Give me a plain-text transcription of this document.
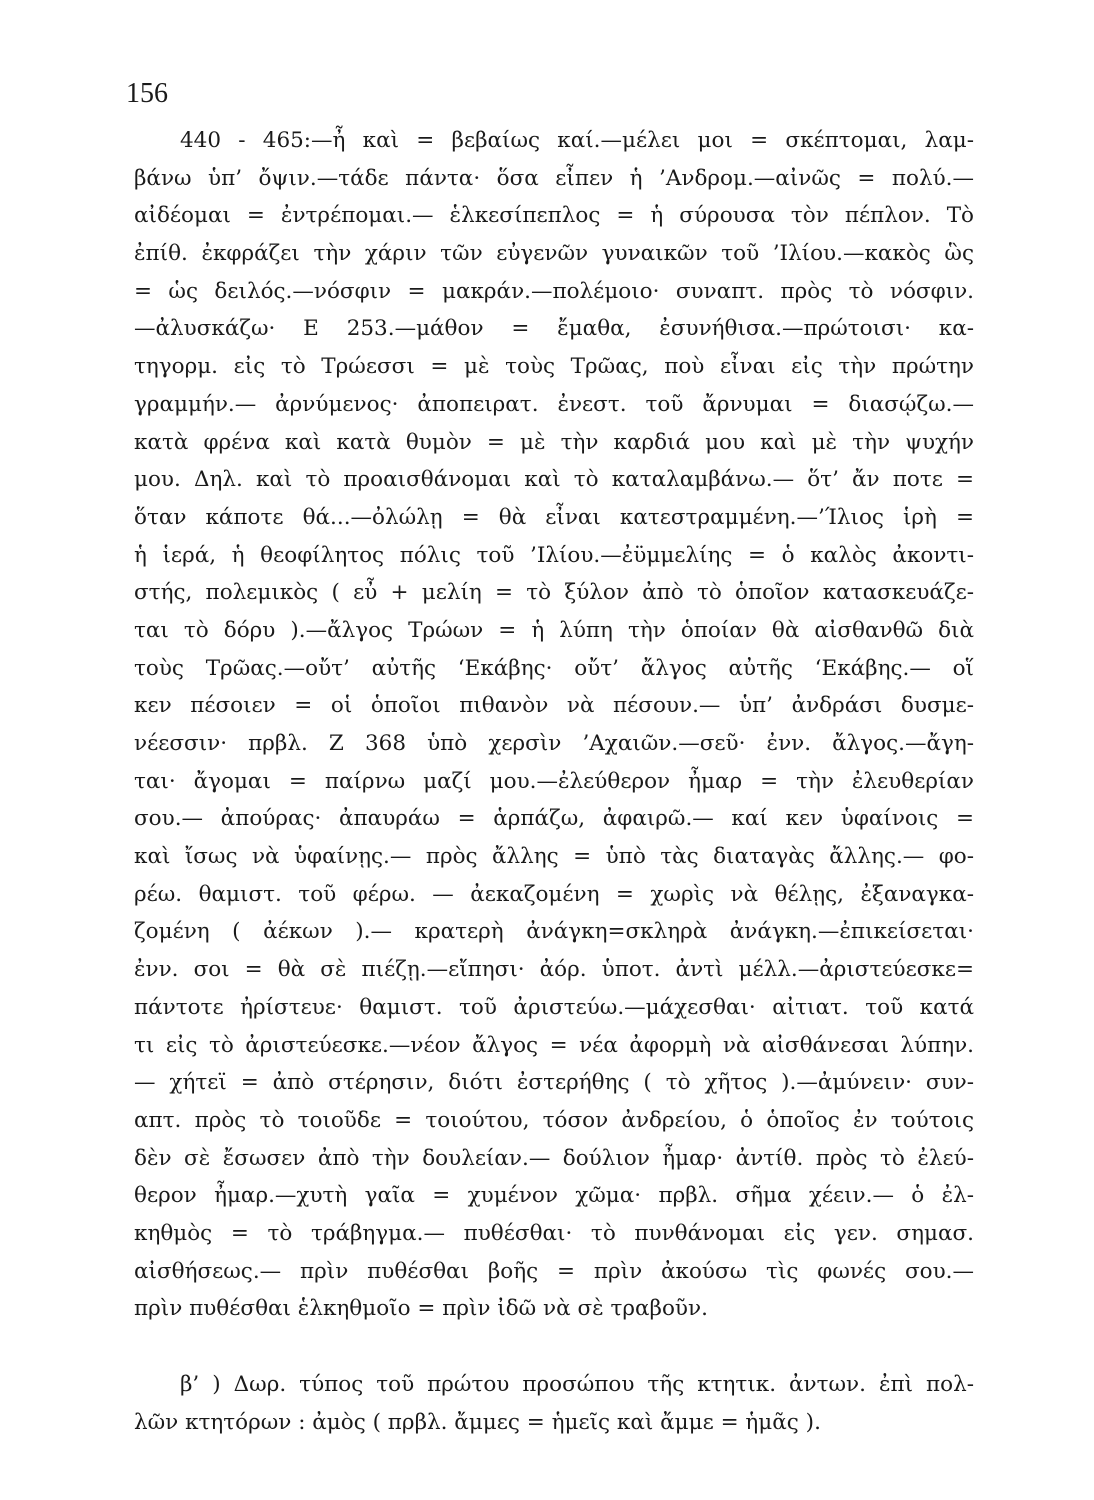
156
440 - 465:—ἦ καὶ = βεβαίως καί.—μέλει μοι = σκέπτομαι, λαμ-
βάνω ὑπ’ ὄψιν.—τάδε πάντα· ὅσα εἶπεν ἡ ’Ανδρομ.—αἰνῶς = πολύ.—
αἰδέομαι = ἐντρέπομαι.— ἑλκεσίπεπλος = ἡ σύρουσα τὸν πέπλον. Τὸ
ἐπίθ. ἐκφράζει τὴν χάριν τῶν εὐγενῶν γυναικῶν τοῦ ’Ιλίου.—κακὸς ὣς
= ὡς δειλός.—νόσφιν = μακράν.—πολέμοιο· συναπτ. πρὸς τὸ νόσφιν.
—ἀλυσκάζω· Ε 253.—μάθον = ἔμαθα, ἐσυνήθισα.—πρώτοισι· κα-
τηγορμ. εἰς τὸ Τρώεσσι = μὲ τοὺς Τρῶας, ποὺ εἶναι εἰς τὴν πρώτην
γραμμήν.— ἀρνύμενος· ἀποπειρατ. ἐνεστ. τοῦ ἄρνυμαι = διασῴζω.—
κατὰ φρένα καὶ κατὰ θυμὸν = μὲ τὴν καρδιά μου καὶ μὲ τὴν ψυχήν
μου. Δηλ. καὶ τὸ προαισθάνομαι καὶ τὸ καταλαμβάνω.— ὅτ’ ἄν ποτε =
ὅταν κάποτε θά...—ὀλώλῃ = θὰ εἶναι κατεστραμμένη.—’Ίλιος ἱρὴ =
ἡ ἱερά, ἡ θεοφίλητος πόλις τοῦ ’Ιλίου.—ἐϋμμελίης = ὁ καλὸς ἀκοντι-
στής, πολεμικὸς ( εὖ + μελίη = τὸ ξύλον ἀπὸ τὸ ὁποῖον κατασκευάζε-
ται τὸ δόρυ ).—ἄλγος Τρώων = ἡ λύπη τὴν ὁποίαν θὰ αἰσθανθῶ διὰ
τοὺς Τρῶας.—οὔτ’ αὐτῆς ‘Εκάβης· οὔτ’ ἄλγος αὐτῆς ‘Εκάβης.— οἵ
κεν πέσοιεν = οἱ ὁποῖοι πιθανὸν νὰ πέσουν.— ὑπ’ ἀνδράσι δυσμε-
νέεσσιν· πρβλ. Ζ 368 ὑπὸ χερσὶν ’Αχαιῶν.—σεῦ· ἐνν. ἄλγος.—ἄγη-
ται· ἄγομαι = παίρνω μαζί μου.—ἐλεύθερον ἦμαρ = τὴν ἐλευθερίαν
σου.— ἀπούρας· ἀπαυράω = ἁρπάζω, ἀφαιρῶ.— καί κεν ὑφαίνοις =
καὶ ἴσως νὰ ὑφαίνῃς.— πρὸς ἄλλης = ὑπὸ τὰς διαταγὰς ἄλλης.— φο-
ρέω. θαμιστ. τοῦ φέρω. — ἀεκαζομένη = χωρὶς νὰ θέλῃς, ἐξαναγκα-
ζομένη ( ἀέκων ).— κρατερὴ ἀνάγκη=σκληρὰ ἀνάγκη.—ἐπικείσεται·
ἐνν. σοι = θὰ σὲ πιέζῃ.—εἴπησι· ἀόρ. ὑποτ. ἀντὶ μέλλ.—ἀριστεύεσκε=
πάντοτε ἠρίστευε· θαμιστ. τοῦ ἀριστεύω.—μάχεσθαι· αἰτιατ. τοῦ κατά
τι εἰς τὸ ἀριστεύεσκε.—νέον ἄλγος = νέα ἀφορμὴ νὰ αἰσθάνεσαι λύπην.
— χήτεϊ = ἀπὸ στέρησιν, διότι ἐστερήθης ( τὸ χῆτος ).—ἀμύνειν· συν-
απτ. πρὸς τὸ τοιοῦδε = τοιούτου, τόσον ἀνδρείου, ὁ ὁποῖος ἐν τούτοις
δὲν σὲ ἔσωσεν ἀπὸ τὴν δουλείαν.— δούλιον ἦμαρ· ἀντίθ. πρὸς τὸ ἐλεύ-
θερον ἦμαρ.—χυτὴ γαῖα = χυμένον χῶμα· πρβλ. σῆμα χέειν.— ὁ ἐλ-
κηθμὸς = τὸ τράβηγμα.— πυθέσθαι· τὸ πυνθάνομαι εἰς γεν. σημασ.
αἰσθήσεως.— πρὶν πυθέσθαι βοῆς = πρὶν ἀκούσω τὶς φωνές σου.—
πρὶν πυθέσθαι ἑλκηθμοῖο = πρὶν ἰδῶ νὰ σὲ τραβοῦν.
β’ ) Δωρ. τύπος τοῦ πρώτου προσώπου τῆς κτητικ. ἀντων. ἐπὶ πολ-
λῶν κτητόρων : ἀμὸς ( πρβλ. ἄμμες = ἡμεῖς καὶ ἄμμε = ἡμᾶς ).
